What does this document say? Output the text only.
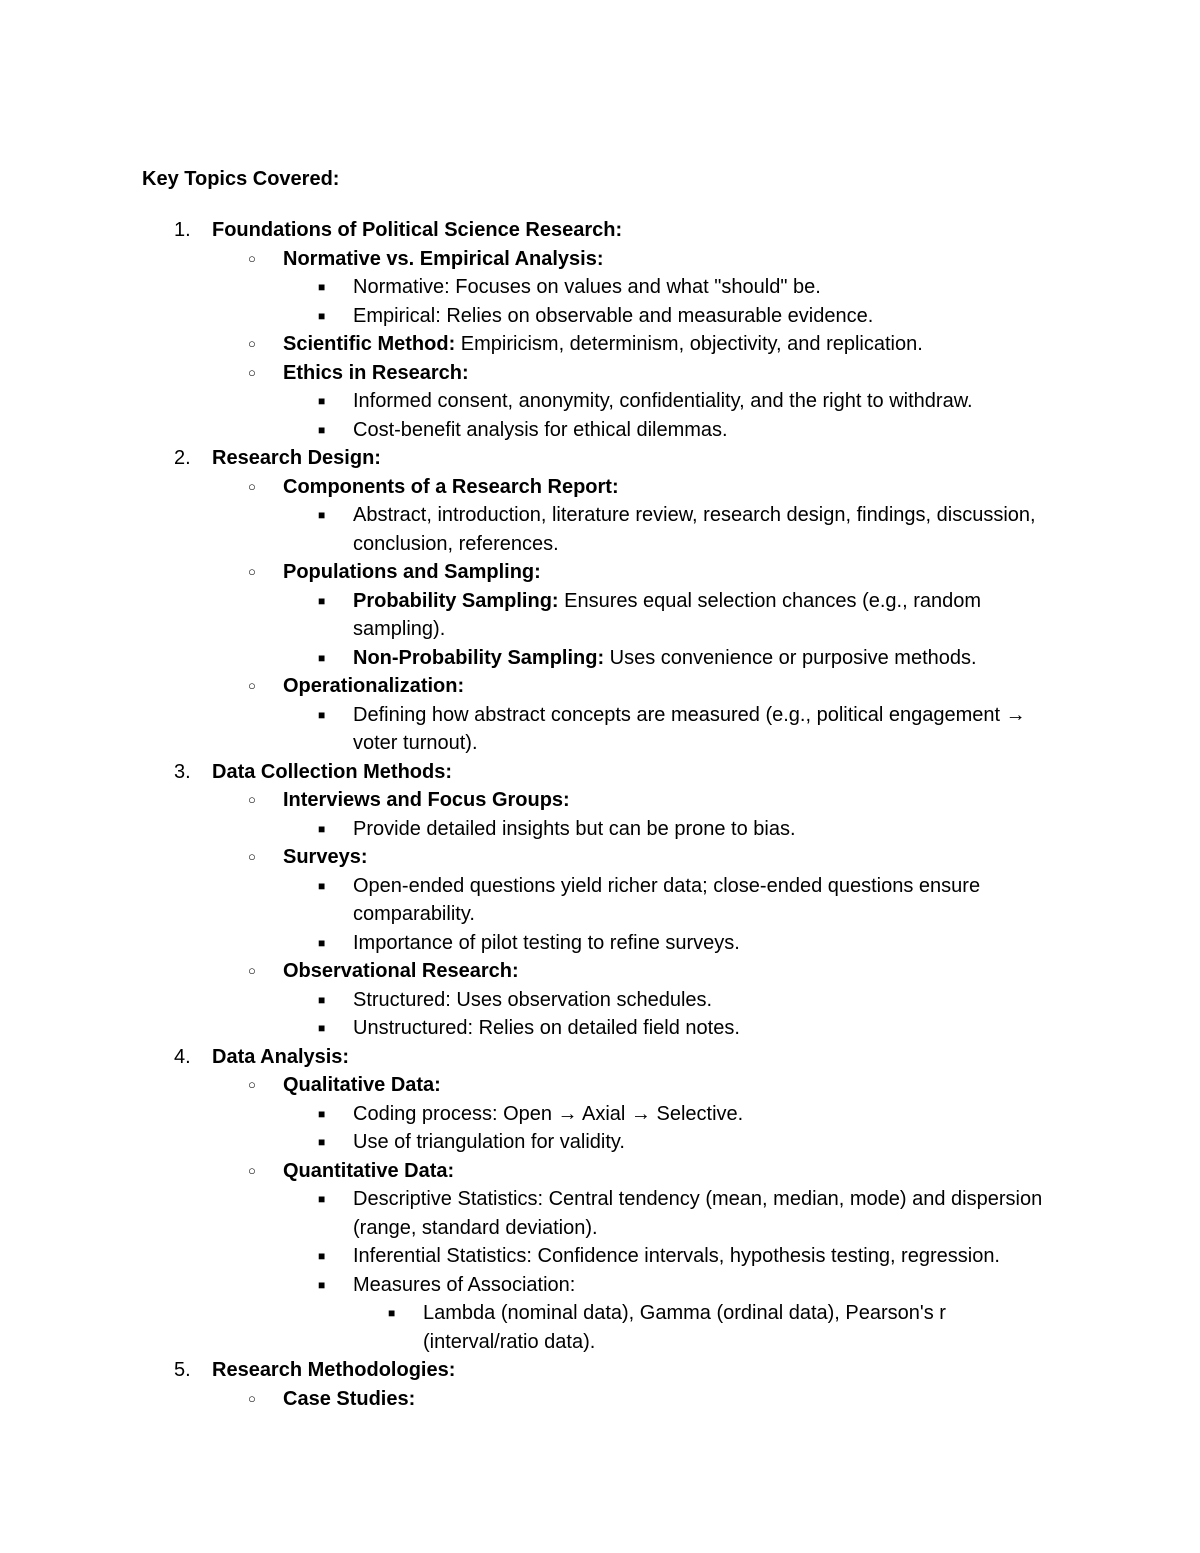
Key Topics Covered:
1.	Foundations of Political Science Research:
○ Normative vs. Empirical Analysis:
■ Normative: Focuses on values and what "should" be.
■ Empirical: Relies on observable and measurable evidence.
○ Scientific Method: Empiricism, determinism, objectivity, and replication.
○ Ethics in Research:
■ Informed consent, anonymity, confidentiality, and the right to withdraw.
■ Cost-benefit analysis for ethical dilemmas.
2.	Research Design:
○ Components of a Research Report:
■ Abstract, introduction, literature review, research design, findings, discussion, conclusion, references.
○ Populations and Sampling:
■ Probability Sampling: Ensures equal selection chances (e.g., random sampling).
■ Non-Probability Sampling: Uses convenience or purposive methods.
○ Operationalization:
■ Defining how abstract concepts are measured (e.g., political engagement → voter turnout).
3.	Data Collection Methods:
○ Interviews and Focus Groups:
■ Provide detailed insights but can be prone to bias.
○ Surveys:
■ Open-ended questions yield richer data; close-ended questions ensure comparability.
■ Importance of pilot testing to refine surveys.
○ Observational Research:
■ Structured: Uses observation schedules.
■ Unstructured: Relies on detailed field notes.
4.	Data Analysis:
○ Qualitative Data:
■ Coding process: Open → Axial → Selective.
■ Use of triangulation for validity.
○ Quantitative Data:
■ Descriptive Statistics: Central tendency (mean, median, mode) and dispersion (range, standard deviation).
■ Inferential Statistics: Confidence intervals, hypothesis testing, regression.
■ Measures of Association:
■ Lambda (nominal data), Gamma (ordinal data), Pearson's r (interval/ratio data).
5.	Research Methodologies:
○ Case Studies:
